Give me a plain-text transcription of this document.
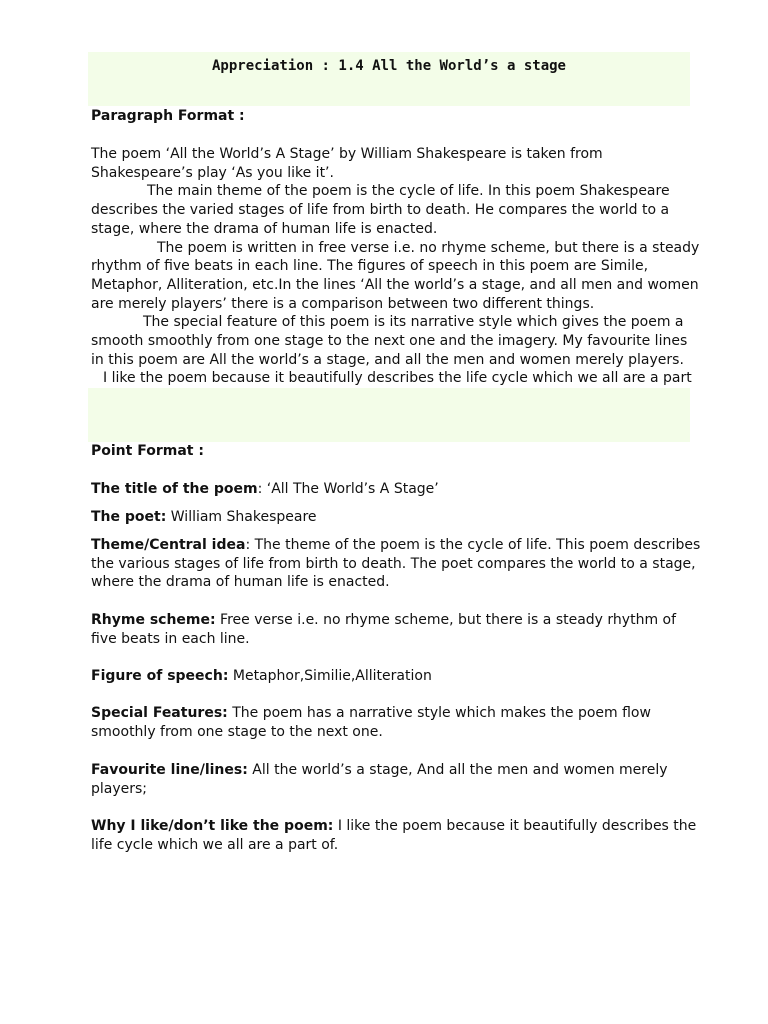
Appreciation : 1.4 All the World’s a stage
Paragraph Format :

The poem ‘All the World’s A Stage’ by William Shakespeare is taken from Shakespeare’s play ‘As you like it’.

The main theme of the poem is the cycle of life. In this poem Shakespeare describes the varied stages of life from birth to death. He compares the world to a stage, where the drama of human life is enacted.

The poem is written in free verse i.e. no rhyme scheme, but there is a steady rhythm of five beats in each line. The figures of speech in this poem are Simile, Metaphor, Alliteration, etc.In the lines ‘All the world’s a stage, and all men and women are merely players’ there is a comparison between two different things.

The special feature of this poem is its narrative style which gives the poem a smooth smoothly from one stage to the next one and the imagery. My favourite lines in this poem are All the world’s a stage, and all the men and women merely players.

I like the poem because it beautifully describes the life cycle which we all are a part

Point Format :
The title of the poem: ‘All The World’s A Stage’
The poet: William Shakespeare
Theme/Central idea: The theme of the poem is the cycle of life. This poem describes the various stages of life from birth to death. The poet compares the world to a stage, where the drama of human life is enacted.
Rhyme scheme: Free verse i.e. no rhyme scheme, but there is a steady rhythm of five beats in each line.
Figure of speech: Metaphor,Similie,Alliteration
Special Features: The poem has a narrative style which makes the poem flow smoothly from one stage to the next one.
Favourite line/lines: All the world’s a stage, And all the men and women merely players;
Why I like/don’t like the poem: I like the poem because it beautifully describes the life cycle which we all are a part of.
